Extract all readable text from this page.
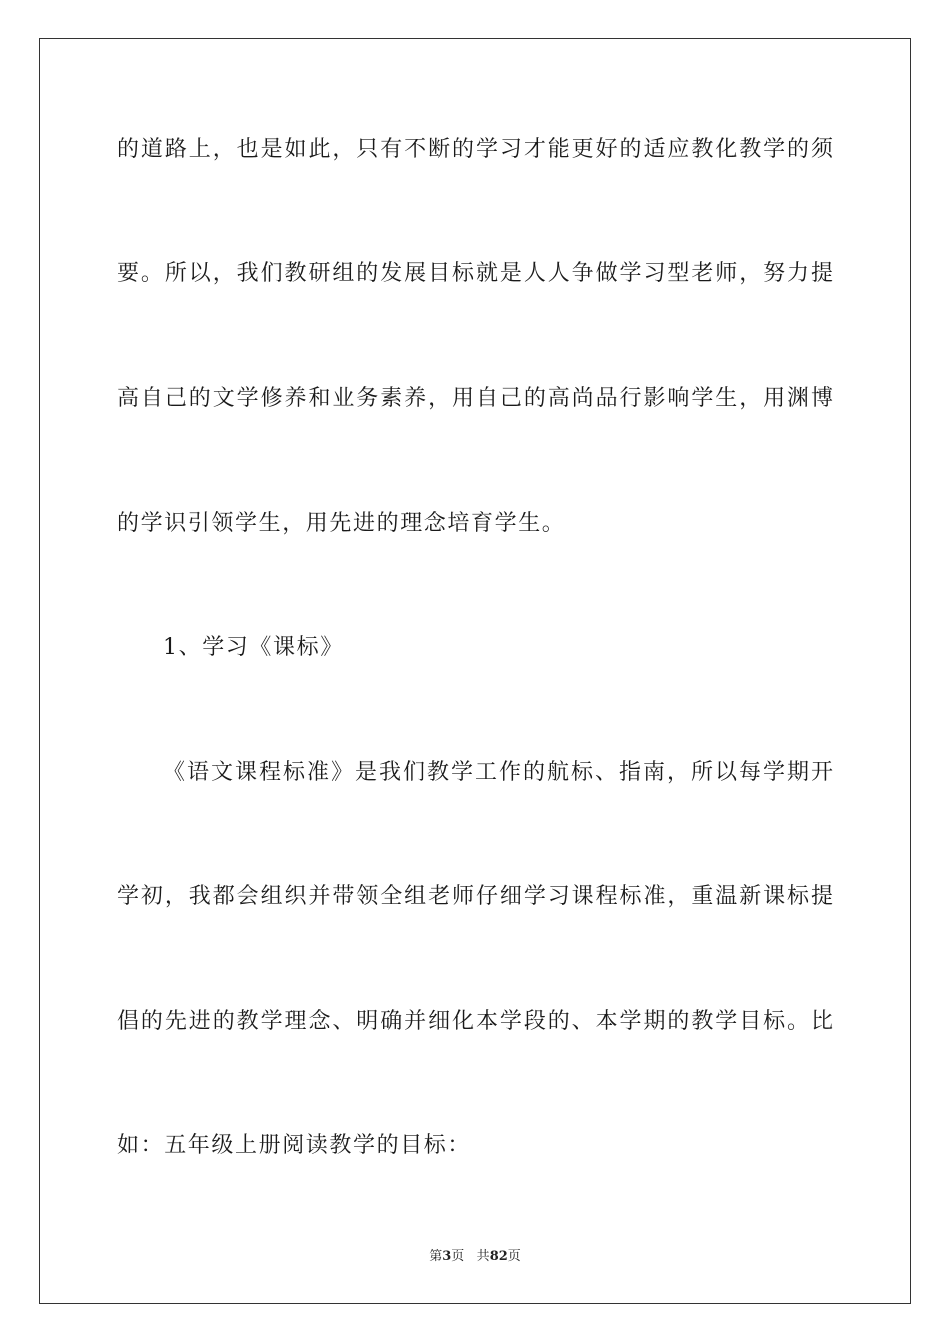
的道路上，也是如此，只有不断的学习才能更好的适应教化教学的须
要。所以，我们教研组的发展目标就是人人争做学习型老师，努力提
高自己的文学修养和业务素养，用自己的高尚品行影响学生，用渊博
的学识引领学生，用先进的理念培育学生。
1、学习《课标》
《语文课程标准》是我们教学工作的航标、指南，所以每学期开
学初，我都会组织并带领全组老师仔细学习课程标准，重温新课标提
倡的先进的教学理念、明确并细化本学段的、本学期的教学目标。比
如：五年级上册阅读教学的目标：
第3页 共82页
